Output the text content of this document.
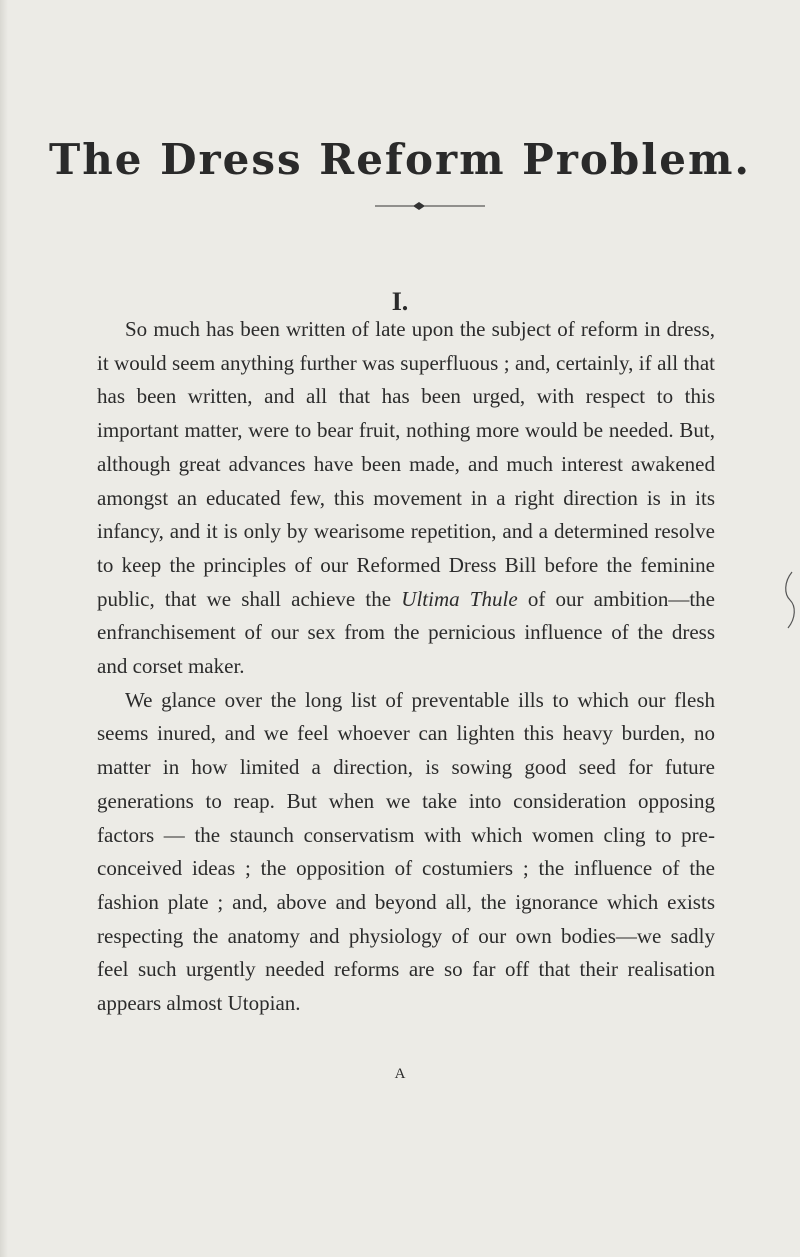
The Dress Reform Problem.
I.

So much has been written of late upon the subject of reform in dress, it would seem anything further was superfluous ; and, certainly, if all that has been written, and all that has been urged, with respect to this important matter, were to bear fruit, nothing more would be needed. But, although great advances have been made, and much interest awakened amongst an educated few, this movement in a right direction is in its infancy, and it is only by wearisome repetition, and a determined resolve to keep the principles of our Reformed Dress Bill before the feminine public, that we shall achieve the Ultima Thule of our ambition—the enfranchisement of our sex from the pernicious influence of the dress and corset maker.

We glance over the long list of preventable ills to which our flesh seems inured, and we feel whoever can lighten this heavy burden, no matter in how limited a direction, is sowing good seed for future generations to reap. But when we take into consideration opposing factors — the staunch conservatism with which women cling to pre-conceived ideas ; the opposition of costumiers ; the influence of the fashion plate ; and, above and beyond all, the ignorance which exists respecting the anatomy and physiology of our own bodies—we sadly feel such urgently needed reforms are so far off that their realisation appears almost Utopian.

A
